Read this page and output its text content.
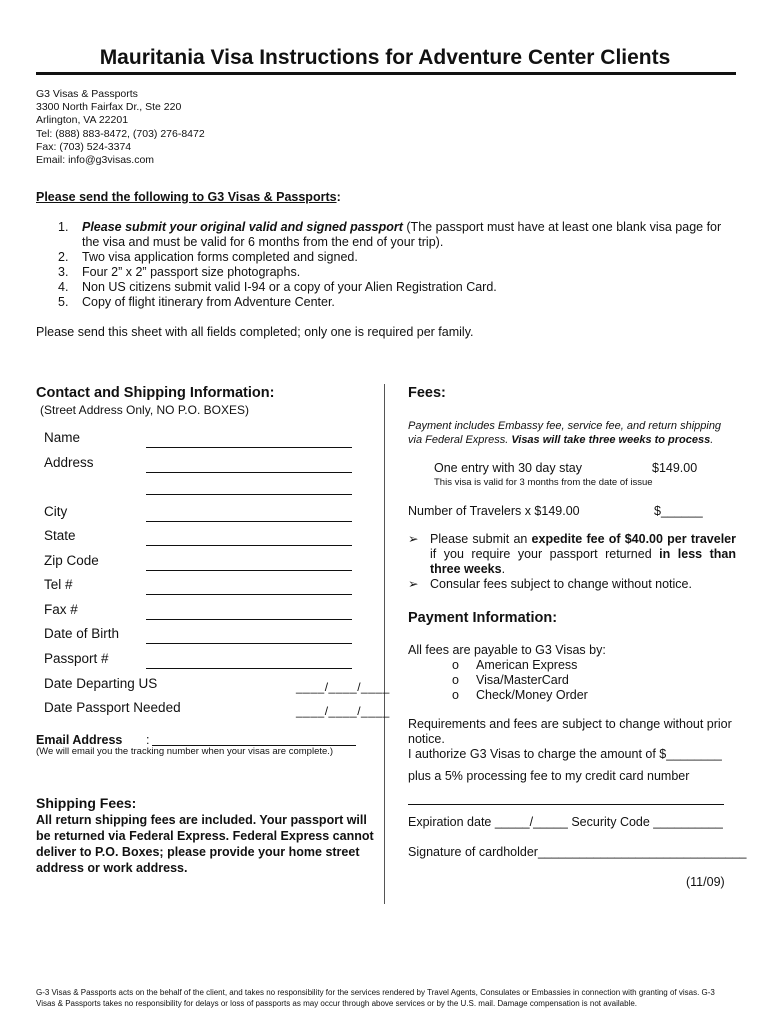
Mauritania Visa Instructions for Adventure Center Clients
G3 Visas & Passports
3300 North Fairfax Dr., Ste 220
Arlington, VA 22201
Tel: (888) 883-8472, (703) 276-8472
Fax: (703) 524-3374
Email: info@g3visas.com
Please send the following to G3 Visas & Passports:
1. Please submit your original valid and signed passport (The passport must have at least one blank visa page for the visa and must be valid for 6 months from the end of your trip).
2. Two visa application forms completed and signed.
3. Four 2” x 2” passport size photographs.
4. Non US citizens submit valid I-94 or a copy of your Alien Registration Card.
5. Copy of flight itinerary from Adventure Center.
Please send this sheet with all fields completed; only one is required per family.
Contact and Shipping Information:
(Street Address Only, NO P.O. BOXES)
Name
Address
City
State
Zip Code
Tel #
Fax #
Date of Birth
Passport #
Date Departing US	____/____/____
Date Passport Needed	____/____/____
Email Address :
(We will email you the tracking number when your visas are complete.)
Shipping Fees:
All return shipping fees are included. Your passport will be returned via Federal Express. Federal Express cannot deliver to P.O. Boxes; please provide your home street address or work address.
Fees:
Payment includes Embassy fee, service fee, and return shipping via Federal Express. Visas will take three weeks to process.
One entry with 30 day stay	$149.00
This visa is valid for 3 months from the date of issue
Number of Travelers x $149.00	$______
➢ Please submit an expedite fee of $40.00 per traveler if you require your passport returned in less than three weeks.
➢ Consular fees subject to change without notice.
Payment Information:
All fees are payable to G3 Visas by:
o American Express
o Visa/MasterCard
o Check/Money Order
Requirements and fees are subject to change without prior notice.
I authorize G3 Visas to charge the amount of $________
plus a 5% processing fee to my credit card number
Expiration date _____/_____ Security Code __________
Signature of cardholder______________________________
(11/09)
G-3 Visas & Passports acts on the behalf of the client, and takes no responsibility for the services rendered by Travel Agents, Consulates or Embassies in connection with granting of visas. G-3 Visas & Passports takes no responsibility for delays or loss of passports as may occur through above services or by the U.S. mail. Damage compensation is not available.
